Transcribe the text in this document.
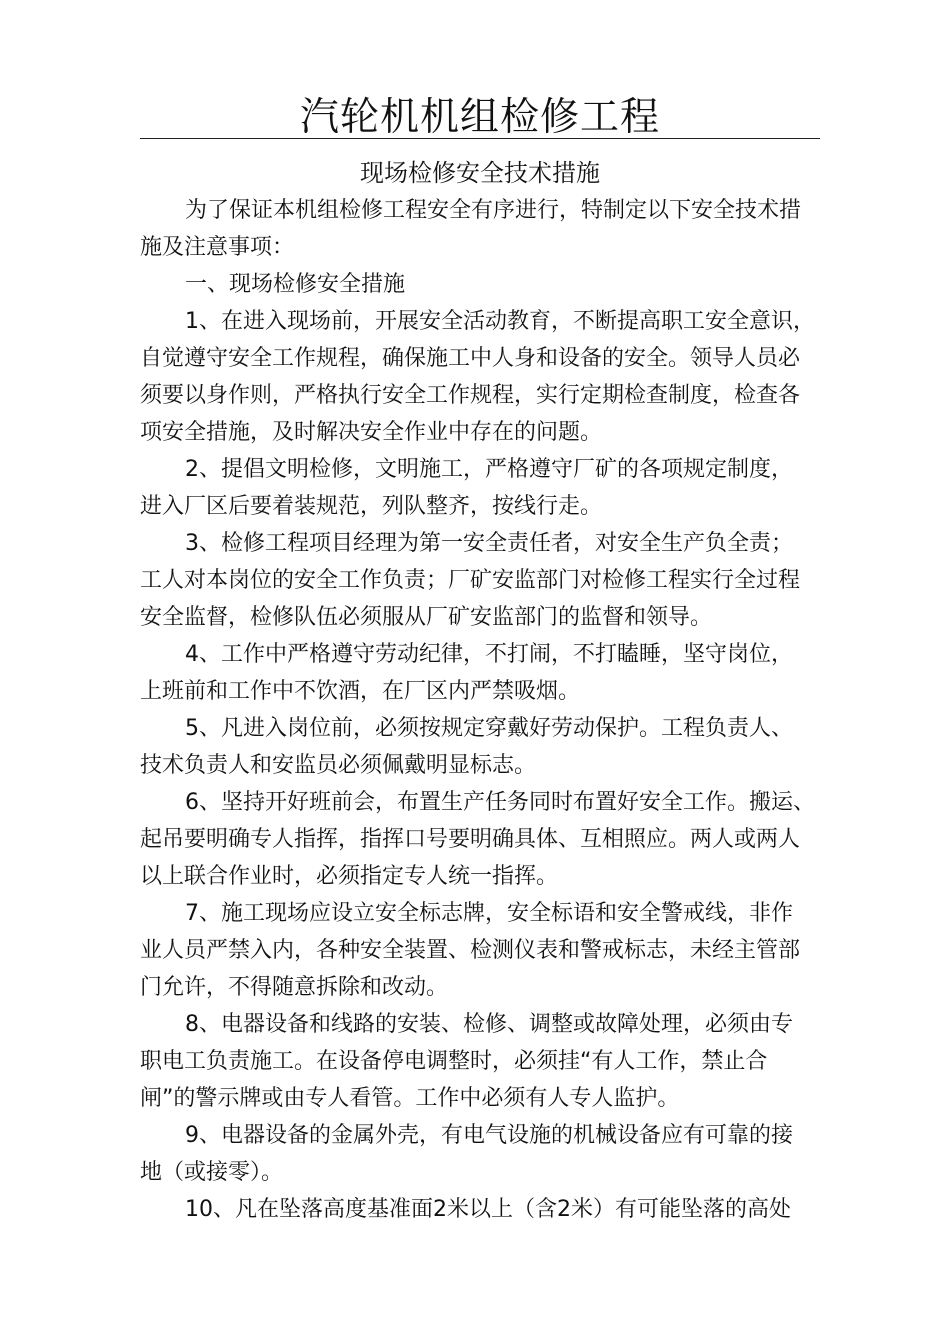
汽轮机机组检修工程
现场检修安全技术措施
为了保证本机组检修工程安全有序进行，特制定以下安全技术措
施及注意事项：
一、现场检修安全措施
1、在进入现场前，开展安全活动教育，不断提高职工安全意识，
自觉遵守安全工作规程，确保施工中人身和设备的安全。领导人员必
须要以身作则，严格执行安全工作规程，实行定期检查制度，检查各
项安全措施，及时解决安全作业中存在的问题。
2、提倡文明检修，文明施工，严格遵守厂矿的各项规定制度，
进入厂区后要着装规范，列队整齐，按线行走。
3、检修工程项目经理为第一安全责任者，对安全生产负全责；
工人对本岗位的安全工作负责；厂矿安监部门对检修工程实行全过程
安全监督，检修队伍必须服从厂矿安监部门的监督和领导。
4、工作中严格遵守劳动纪律，不打闹，不打瞌睡，坚守岗位，
上班前和工作中不饮酒，在厂区内严禁吸烟。
5、凡进入岗位前，必须按规定穿戴好劳动保护。工程负责人、
技术负责人和安监员必须佩戴明显标志。
6、坚持开好班前会，布置生产任务同时布置好安全工作。搬运、
起吊要明确专人指挥，指挥口号要明确具体、互相照应。两人或两人
以上联合作业时，必须指定专人统一指挥。
7、施工现场应设立安全标志牌，安全标语和安全警戒线，非作
业人员严禁入内，各种安全装置、检测仪表和警戒标志，未经主管部
门允许，不得随意拆除和改动。
8、电器设备和线路的安装、检修、调整或故障处理，必须由专
职电工负责施工。在设备停电调整时，必须挂“有人工作，禁止合
闸”的警示牌或由专人看管。工作中必须有人专人监护。
9、电器设备的金属外壳，有电气设施的机械设备应有可靠的接
地（或接零）。
10、凡在坠落高度基准面2米以上（含2米）有可能坠落的高处
